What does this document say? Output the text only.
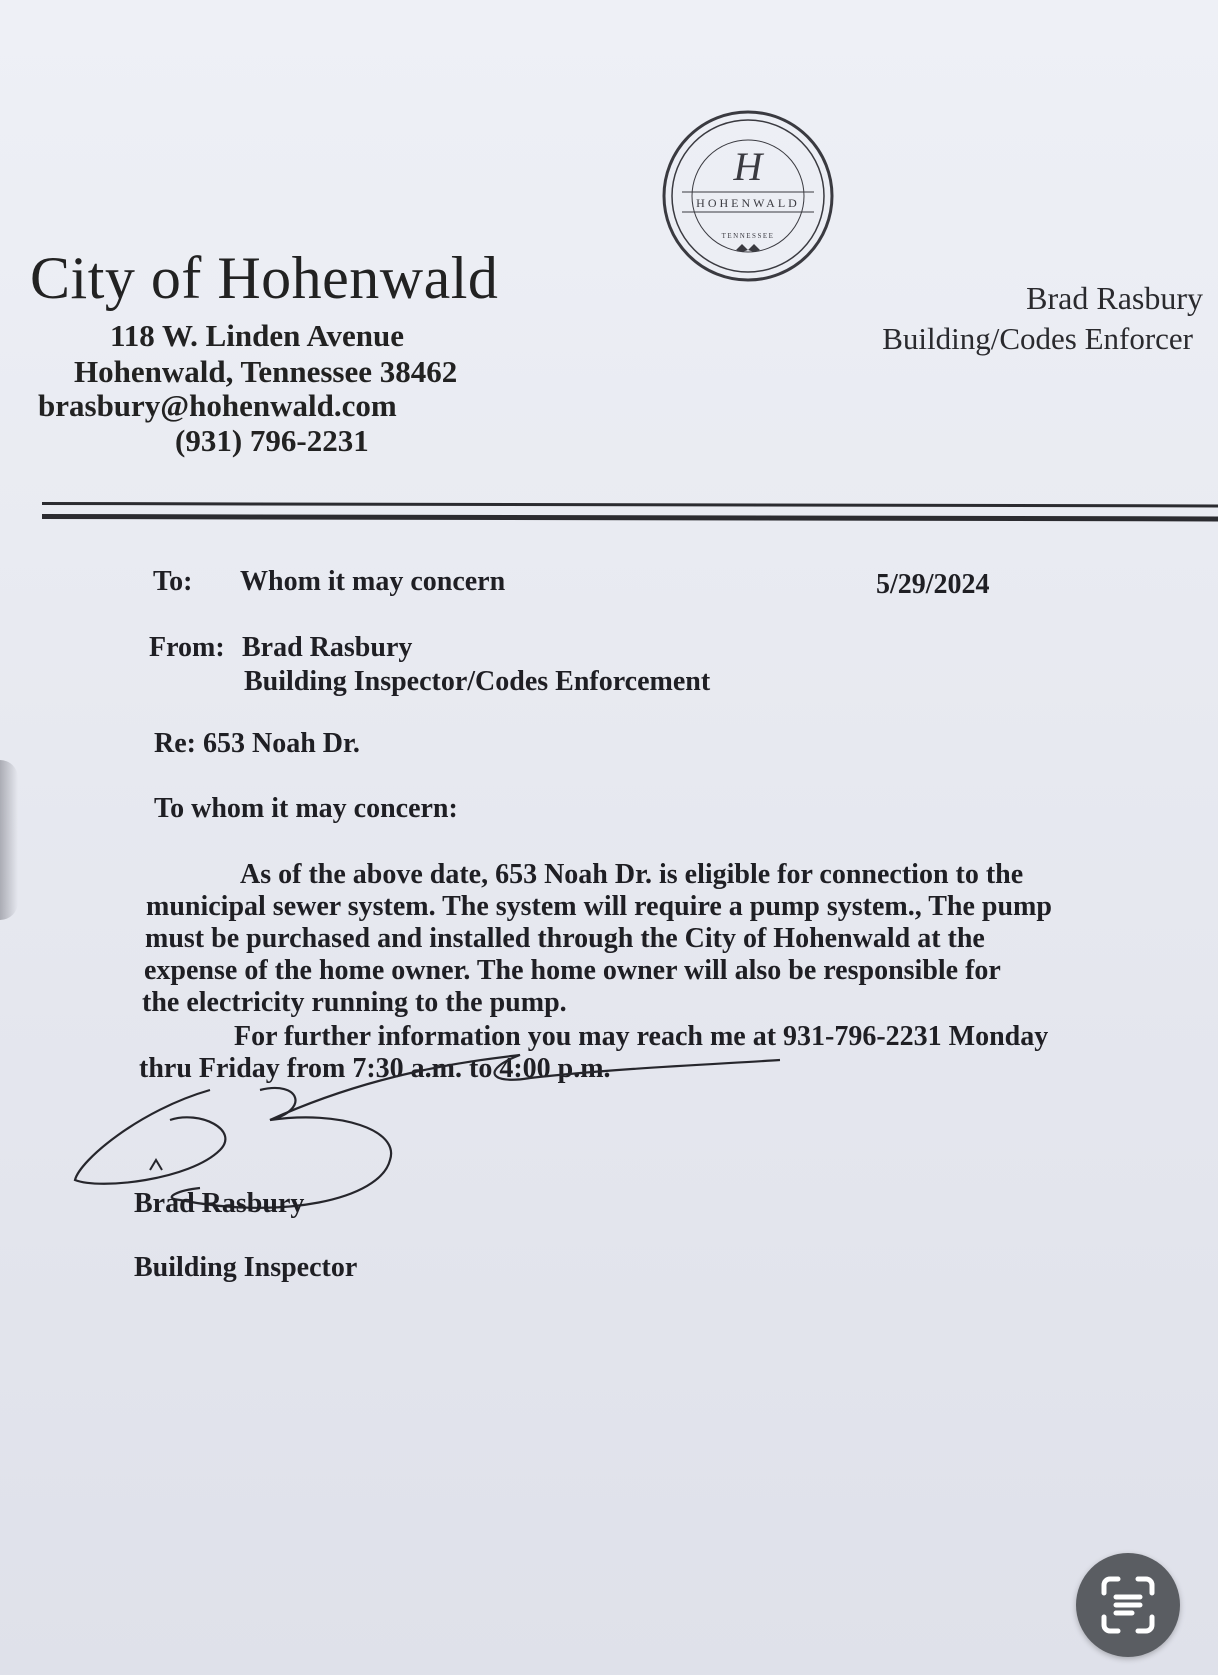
H
HOHENWALD
TENNESSEE
City of Hohenwald
118 W. Linden Avenue
Hohenwald, Tennessee 38462
brasbury@hohenwald.com
(931) 796-2231
Brad Rasbury
Building/Codes Enforcer
To: Whom it may concern	5/29/2024
From: Brad Rasbury
Building Inspector/Codes Enforcement
Re: 653 Noah Dr.
To whom it may concern:
As of the above date, 653 Noah Dr. is eligible for connection to the
municipal sewer system. The system will require a pump system., The pump
must be purchased and installed through the City of Hohenwald at the
expense of the home owner. The home owner will also be responsible for
the electricity running to the pump.
For further information you may reach me at 931-796-2231 Monday
thru Friday from 7:30 a.m. to 4:00 p.m.
Brad Rasbury
Building Inspector
